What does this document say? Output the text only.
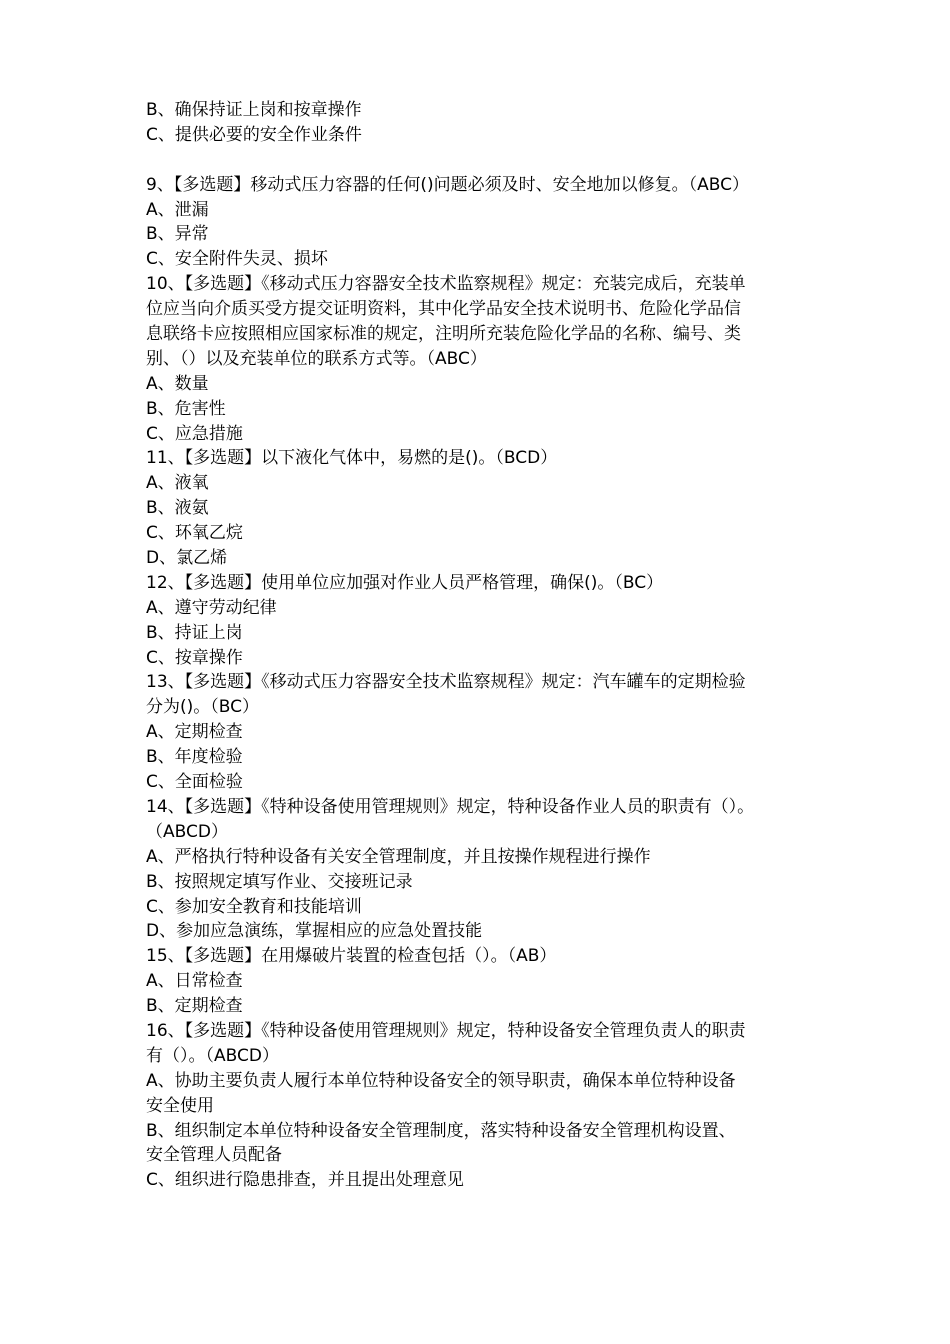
B、确保持证上岗和按章操作
C、提供必要的安全作业条件
9、【多选题】移动式压力容器的任何()问题必须及时、安全地加以修复。（ABC）
A、泄漏
B、异常
C、安全附件失灵、损坏
10、【多选题】《移动式压力容器安全技术监察规程》规定：充装完成后，充装单
位应当向介质买受方提交证明资料，其中化学品安全技术说明书、危险化学品信
息联络卡应按照相应国家标准的规定，注明所充装危险化学品的名称、编号、类
别、（）以及充装单位的联系方式等。（ABC）
A、数量
B、危害性
C、应急措施
11、【多选题】以下液化气体中，易燃的是()。（BCD）
A、液氧
B、液氨
C、环氧乙烷
D、氯乙烯
12、【多选题】使用单位应加强对作业人员严格管理，确保()。（BC）
A、遵守劳动纪律
B、持证上岗
C、按章操作
13、【多选题】《移动式压力容器安全技术监察规程》规定：汽车罐车的定期检验
分为()。（BC）
A、定期检查
B、年度检验
C、全面检验
14、【多选题】《特种设备使用管理规则》规定，特种设备作业人员的职责有（）。
（ABCD）
A、严格执行特种设备有关安全管理制度，并且按操作规程进行操作
B、按照规定填写作业、交接班记录
C、参加安全教育和技能培训
D、参加应急演练，掌握相应的应急处置技能
15、【多选题】在用爆破片装置的检查包括（）。（AB）
A、日常检查
B、定期检查
16、【多选题】《特种设备使用管理规则》规定，特种设备安全管理负责人的职责
有（）。（ABCD）
A、协助主要负责人履行本单位特种设备安全的领导职责，确保本单位特种设备
安全使用
B、组织制定本单位特种设备安全管理制度，落实特种设备安全管理机构设置、
安全管理人员配备
C、组织进行隐患排查，并且提出处理意见
